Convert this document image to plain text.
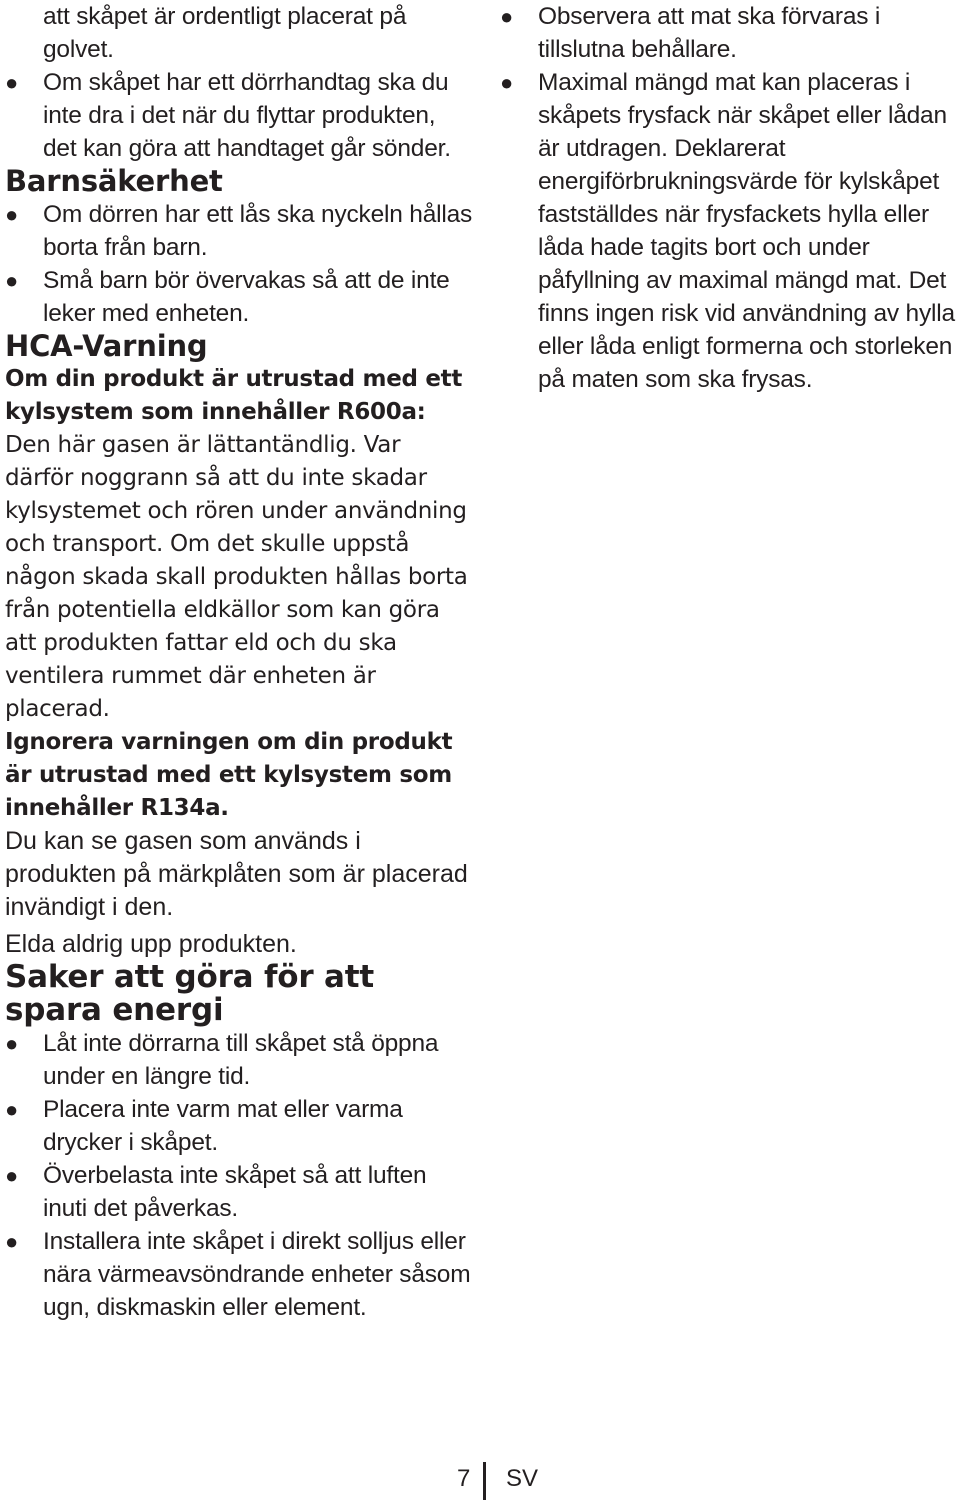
att skåpet är ordentligt placerat på golvet.

● Om skåpet har ett dörrhandtag ska du inte dra i det när du flyttar produkten, det kan göra att handtaget går sönder.

Barnsäkerhet

● Om dörren har ett lås ska nyckeln hållas borta från barn.
● Små barn bör övervakas så att de inte leker med enheten.

HCA-Varning

Om din produkt är utrustad med ett kylsystem som innehåller R600a:

Den här gasen är lättantändlig. Var därför noggrann så att du inte skadar kylsystemet och rören under användning och transport. Om det skulle uppstå någon skada skall produkten hållas borta från potentiella eldkällor som kan göra att produkten fattar eld och du ska ventilera rummet där enheten är placerad.

Ignorera varningen om din produkt är utrustad med ett kylsystem som innehåller R134a.

Du kan se gasen som används i produkten på märkplåten som är placerad invändigt i den.

Elda aldrig upp produkten.

Saker att göra för att spara energi

● Låt inte dörrarna till skåpet stå öppna under en längre tid.
● Placera inte varm mat eller varma drycker i skåpet.
● Överbelasta inte skåpet så att luften inuti det påverkas.
● Installera inte skåpet i direkt solljus eller nära värmeavsöndrande enheter såsom ugn, diskmaskin eller element.
● Observera att mat ska förvaras i tillslutna behållare.
● Maximal mängd mat kan placeras i skåpets frysfack när skåpet eller lådan är utdragen. Deklarerat energiförbrukningsvärde för kylskåpet fastställdes när frysfackets hylla eller låda hade tagits bort och under påfyllning av maximal mängd mat. Det finns ingen risk vid användning av hylla eller låda enligt formerna och storleken på maten som ska frysas.
7 SV
